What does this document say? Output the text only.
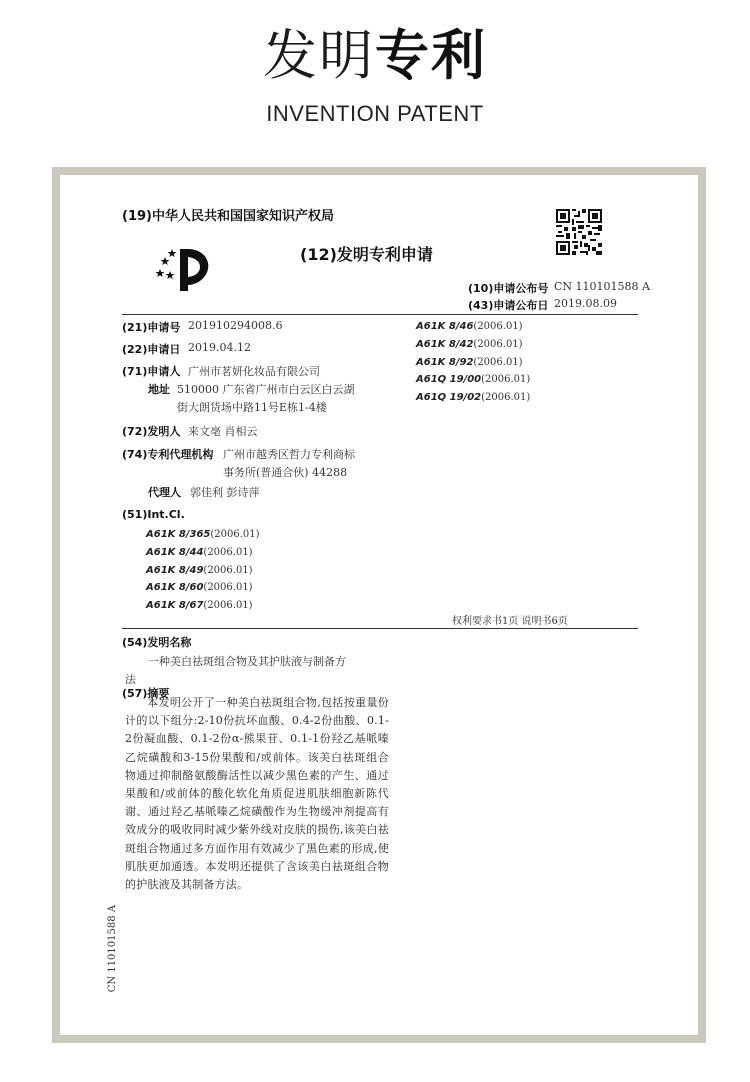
发明专利
INVENTION PATENT
(19)中华人民共和国国家知识产权局
(12)发明专利申请
(10)申请公布号 CN 110101588 A
(43)申请公布日 2019.08.09
(21)申请号 201910294008.6
(22)申请日 2019.04.12
(71)申请人 广州市茗妍化妆品有限公司
地址 510000 广东省广州市白云区白云湖
街大朗货场中路11号E栋1-4楼
(72)发明人 来文亳 肖相云
(74)专利代理机构 广州市越秀区哲力专利商标
事务所(普通合伙) 44288
代理人 郭佳利 彭诗萍
(51)Int.Cl.
A61K 8/365(2006.01)
A61K 8/44(2006.01)
A61K 8/49(2006.01)
A61K 8/60(2006.01)
A61K 8/67(2006.01)
A61K 8/46(2006.01)
A61K 8/42(2006.01)
A61K 8/92(2006.01)
A61Q 19/00(2006.01)
A61Q 19/02(2006.01)
权利要求书1页 说明书6页
(54)发明名称
一种美白祛斑组合物及其护肤液与制备方
法
(57)摘要
本发明公开了一种美白祛斑组合物,包括按重量份计的以下组分:2-10份抗坏血酸、0.4-2份曲酸、0.1-2份凝血酸、0.1-2份α-熊果苷、0.1-1份羟乙基哌嗪乙烷磺酸和3-15份果酸和/或前体。该美白祛斑组合物通过抑制酪氨酸酶活性以减少黑色素的产生、通过果酸和/或前体的酸化软化角质促进肌肤细胞新陈代谢、通过羟乙基哌嗪乙烷磺酸作为生物缓冲剂提高有效成分的吸收同时减少紫外线对皮肤的损伤,该美白祛斑组合物通过多方面作用有效减少了黑色素的形成,使肌肤更加通透。本发明还提供了含该美白祛斑组合物的护肤液及其制备方法。
CN 110101588 A
